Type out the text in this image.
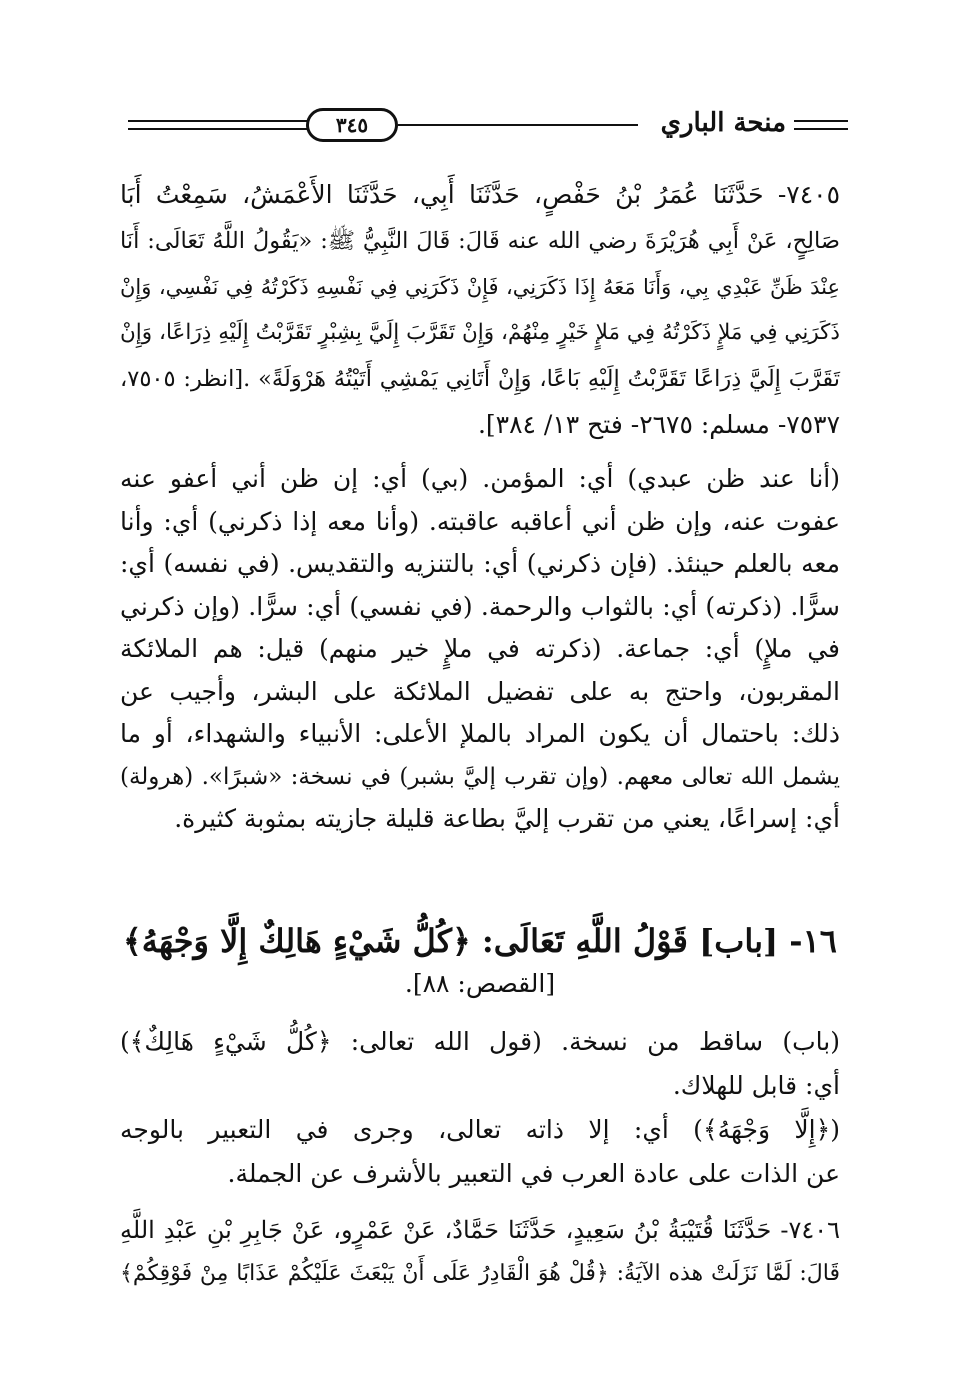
٣٤٥	منحة الباري
٧٤٠٥- حَدَّثَنَا عُمَرُ بْنُ حَفْصٍ، حَدَّثَنَا أَبِي، حَدَّثَنَا الأَعْمَشُ، سَمِعْتُ أَبَا
صَالِحٍ، عَنْ أَبِي هُرَيْرَةَ رضي الله عنه قَالَ: قَالَ النَّبِيُّ ﷺ: «يَقُولُ اللَّهُ تَعَالَى: أَنَا
عِنْدَ ظَنِّ عَبْدِي بِي، وَأَنَا مَعَهُ إِذَا ذَكَرَنِي، فَإِنْ ذَكَرَنِي فِي نَفْسِهِ ذَكَرْتُهُ فِي نَفْسِي، وَإِنْ
ذَكَرَنِي فِي مَلإٍ ذَكَرْتُهُ فِي مَلإٍ خَيْرٍ مِنْهُمْ، وَإِنْ تَقَرَّبَ إِلَيَّ بِشِبْرٍ تَقَرَّبْتُ إِلَيْهِ ذِرَاعًا، وَإِنْ
تَقَرَّبَ إِلَيَّ ذِرَاعًا تَقَرَّبْتُ إِلَيْهِ بَاعًا، وَإِنْ أَتَانِي يَمْشِي أَتَيْتُهُ هَرْوَلَةً» .[انظر: ٧٥٠٥،
٧٥٣٧- مسلم: ٢٦٧٥- فتح ١٣/ ٣٨٤].
(أنا عند ظن عبدي) أي: المؤمن. (بي) أي: إن ظن أني أعفو عنه
عفوت عنه، وإن ظن أني أعاقبه عاقبته. (وأنا معه إذا ذكرني) أي: وأنا
معه بالعلم حينئذ. (فإن ذكرني) أي: بالتنزيه والتقديس. (في نفسه) أي:
سرًّا. (ذكرته) أي: بالثواب والرحمة. (في نفسي) أي: سرًّا. (وإن ذكرني
في ملإٍ) أي: جماعة. (ذكرته في ملإٍ خير منهم) قيل: هم الملائكة
المقربون، واحتج به على تفضيل الملائكة على البشر، وأجيب عن
ذلك: باحتمال أن يكون المراد بالملإ الأعلى: الأنبياء والشهداء، أو ما
يشمل الله تعالى معهم. (وإن تقرب إليَّ بشبر) في نسخة: «شبرًا». (هرولة)
أي: إسراعًا، يعني من تقرب إليَّ بطاعة قليلة جازيته بمثوبة كثيرة.
١٦- [باب] قَوْلُ اللَّهِ تَعَالَى: ﴿كُلُّ شَيْءٍ هَالِكٌ إِلَّا وَجْهَهُ﴾
[القصص: ٨٨].
(باب) ساقط من نسخة. (قول الله تعالى: ﴿كُلُّ شَيْءٍ هَالِكٌ﴾)
أي: قابل للهلاك.
(﴿إِلَّا وَجْهَهُ﴾) أي: إلا ذاته تعالى، وجرى في التعبير بالوجه
عن الذات على عادة العرب في التعبير بالأشرف عن الجملة.
٧٤٠٦- حَدَّثَنَا قُتَيْبَةُ بْنُ سَعِيدٍ، حَدَّثَنَا حَمَّادٌ، عَنْ عَمْرٍو، عَنْ جَابِرِ بْنِ عَبْدِ اللَّهِ
قَالَ: لَمَّا نَزَلَتْ هذه الآيَةُ: ﴿قُلْ هُوَ الْقَادِرُ عَلَى أَنْ يَبْعَثَ عَلَيْكُمْ عَذَابًا مِنْ فَوْقِكُمْ﴾
